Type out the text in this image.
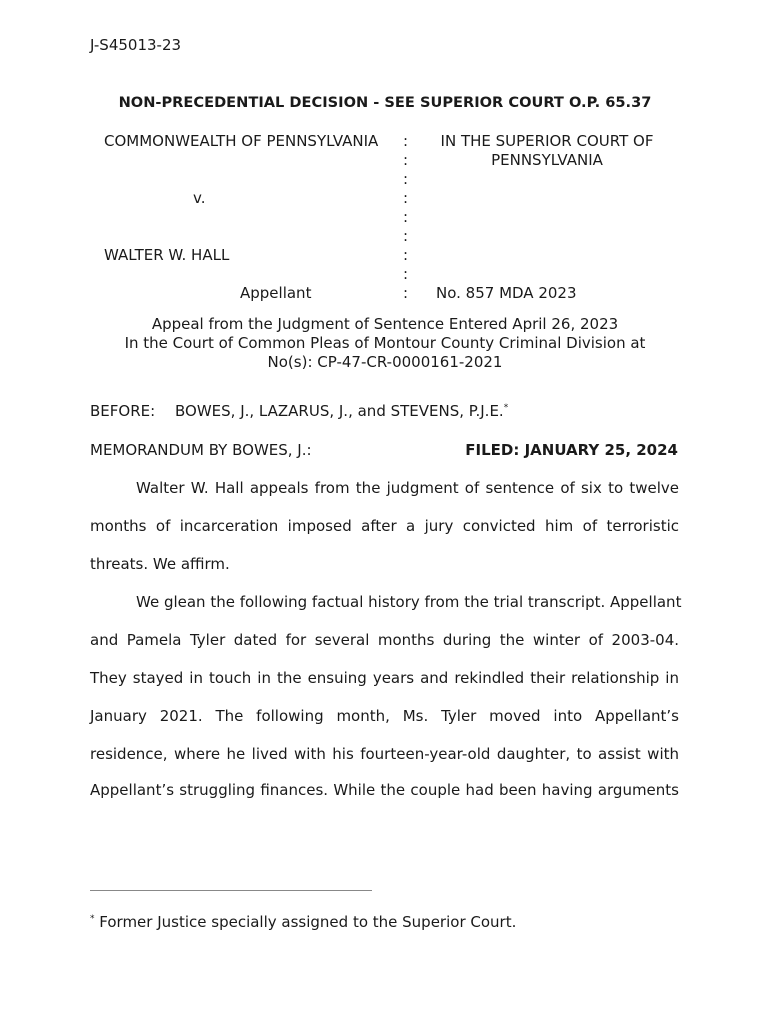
J-S45013-23
NON-PRECEDENTIAL DECISION - SEE SUPERIOR COURT O.P. 65.37
COMMONWEALTH OF PENNSYLVANIA
v.
WALTER W. HALL
Appellant
:
:
:
:
:
:
:
:
:
IN THE SUPERIOR COURT OF PENNSYLVANIA
No. 857 MDA 2023
Appeal from the Judgment of Sentence Entered April 26, 2023
In the Court of Common Pleas of Montour County Criminal Division at
No(s): CP-47-CR-0000161-2021
BEFORE: BOWES, J., LAZARUS, J., and STEVENS, P.J.E.*
MEMORANDUM BY BOWES, J.:	FILED: JANUARY 25, 2024
Walter W. Hall appeals from the judgment of sentence of six to twelve
months of incarceration imposed after a jury convicted him of terroristic
threats. We affirm.
We glean the following factual history from the trial transcript. Appellant
and Pamela Tyler dated for several months during the winter of 2003-04.
They stayed in touch in the ensuing years and rekindled their relationship in
January 2021. The following month, Ms. Tyler moved into Appellant’s
residence, where he lived with his fourteen-year-old daughter, to assist with
Appellant’s struggling finances. While the couple had been having arguments
* Former Justice specially assigned to the Superior Court.
